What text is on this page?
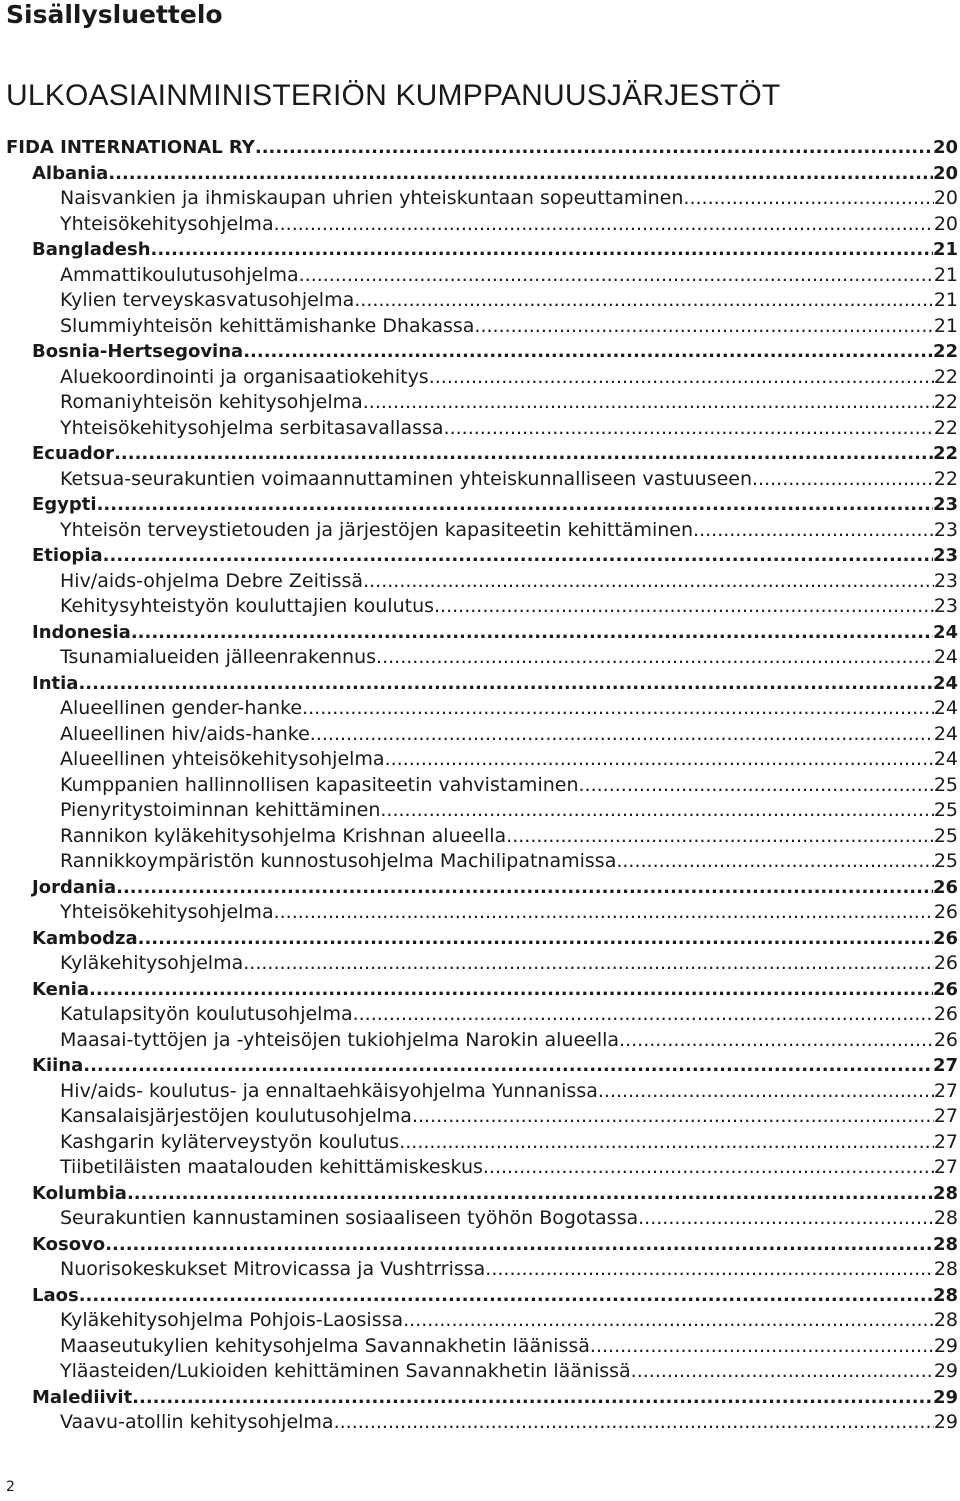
Sisällysluettelo
ULKOASIAINMINISTERIÖN KUMPPANUUSJÄRJESTÖT
FIDA INTERNATIONAL RY .....	20
Albania .....	20
Naisvankien ja ihmiskaupan uhrien yhteiskuntaan sopeuttaminen .....	20
Yhteisökehitysohjelma .....	20
Bangladesh .....	21
Ammattikoulutusohjelma .....	21
Kylien terveyskasvatusohjelma .....	21
Slummiyhteisön kehittämishanke Dhakassa .....	21
Bosnia-Hertsegovina .....	22
Aluekoordinointi ja organisaatiokehitys .....	22
Romaniyhteisön kehitysohjelma .....	22
Yhteisökehitysohjelma serbitasavallassa .....	22
Ecuador .....	22
Ketsua-seurakuntien voimaannuttaminen yhteiskunnalliseen vastuuseen .....	22
Egypti .....	23
Yhteisön terveystietouden ja järjestöjen kapasiteetin kehittäminen .....	23
Etiopia .....	23
Hiv/aids-ohjelma Debre Zeitissä .....	23
Kehitysyhteistyön kouluttajien koulutus .....	23
Indonesia .....	24
Tsunamialueiden jälleenrakennus .....	24
Intia .....	24
Alueellinen gender-hanke .....	24
Alueellinen hiv/aids-hanke .....	24
Alueellinen yhteisökehitysohjelma .....	24
Kumppanien hallinnollisen kapasiteetin vahvistaminen .....	25
Pienyritystoiminnan kehittäminen .....	25
Rannikon kyläkehitysohjelma Krishnan alueella .....	25
Rannikkoympäristön kunnostusohjelma Machilipatnamissa .....	25
Jordania .....	26
Yhteisökehitysohjelma .....	26
Kambodza .....	26
Kyläkehitysohjelma .....	26
Kenia .....	26
Katulapsityön koulutusohjelma .....	26
Maasai-tyttöjen ja -yhteisöjen tukiohjelma Narokin alueella .....	26
Kiina .....	27
Hiv/aids- koulutus- ja ennaltaehkäisyohjelma Yunnanissa .....	27
Kansalaisjärjestöjen koulutusohjelma .....	27
Kashgarin kyläterveystyön koulutus .....	27
Tiibetiläisten maatalouden kehittämiskeskus .....	27
Kolumbia .....	28
Seurakuntien kannustaminen sosiaaliseen työhön Bogotassa .....	28
Kosovo .....	28
Nuorisokeskukset Mitrovicassa ja Vushtrrissa .....	28
Laos .....	28
Kyläkehitysohjelma Pohjois-Laosissa .....	28
Maaseutukylien kehitysohjelma Savannakhetin läänissä .....	29
Yläasteiden/Lukioiden kehittäminen Savannakhetin läänissä .....	29
Malediivit .....	29
Vaavu-atollin kehitysohjelma .....	29
2
